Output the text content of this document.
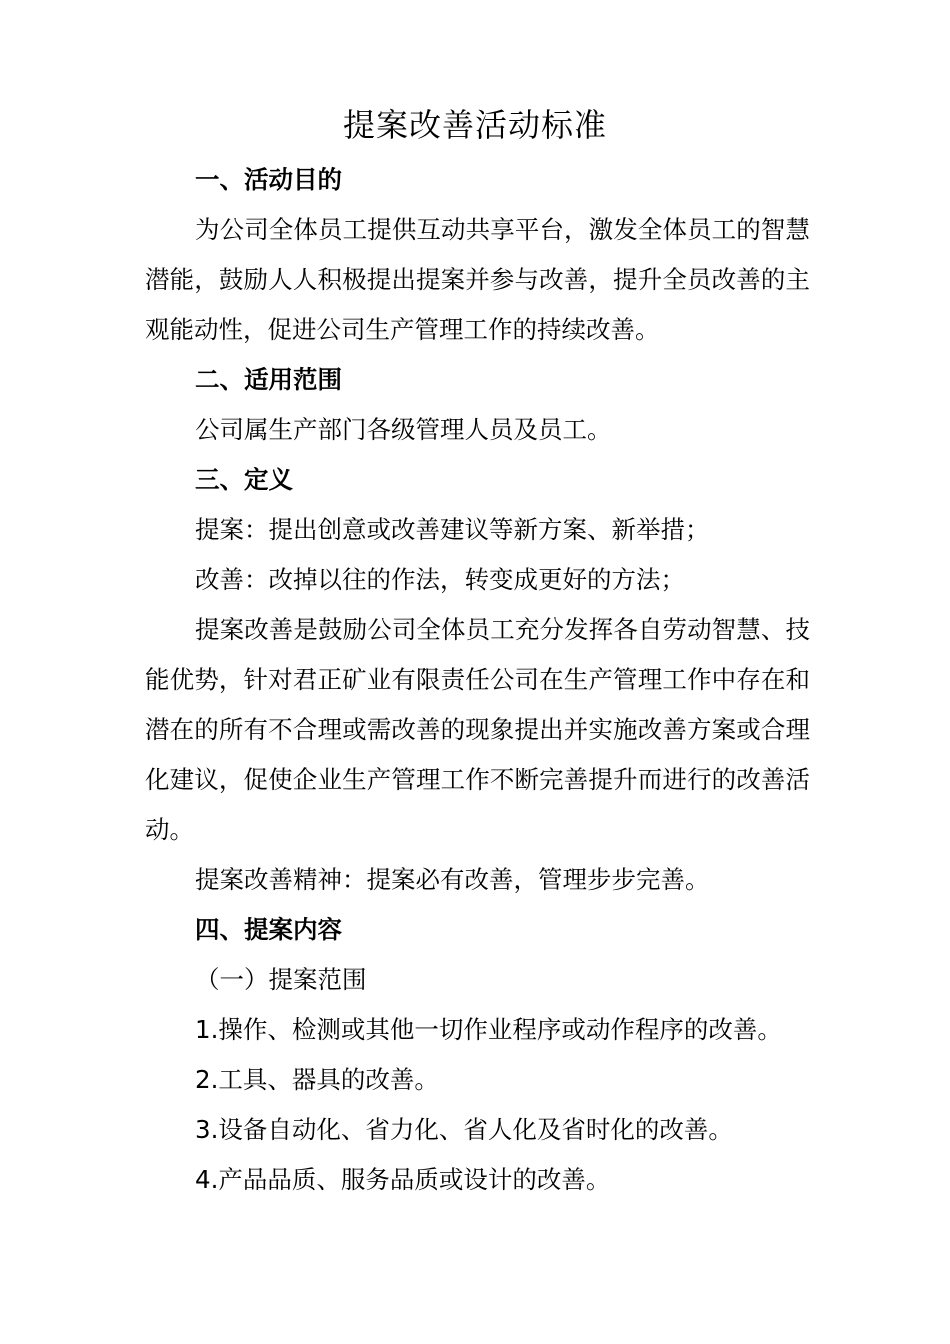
提案改善活动标准

一、活动目的

为公司全体员工提供互动共享平台，激发全体员工的智慧潜能，鼓励人人积极提出提案并参与改善，提升全员改善的主观能动性，促进公司生产管理工作的持续改善。

二、适用范围

公司属生产部门各级管理人员及员工。

三、定义

提案：提出创意或改善建议等新方案、新举措；

改善：改掉以往的作法，转变成更好的方法；

提案改善是鼓励公司全体员工充分发挥各自劳动智慧、技能优势，针对君正矿业有限责任公司在生产管理工作中存在和潜在的所有不合理或需改善的现象提出并实施改善方案或合理化建议，促使企业生产管理工作不断完善提升而进行的改善活动。

提案改善精神：提案必有改善，管理步步完善。

四、提案内容

（一）提案范围

1.操作、检测或其他一切作业程序或动作程序的改善。

2.工具、器具的改善。

3.设备自动化、省力化、省人化及省时化的改善。

4.产品品质、服务品质或设计的改善。
